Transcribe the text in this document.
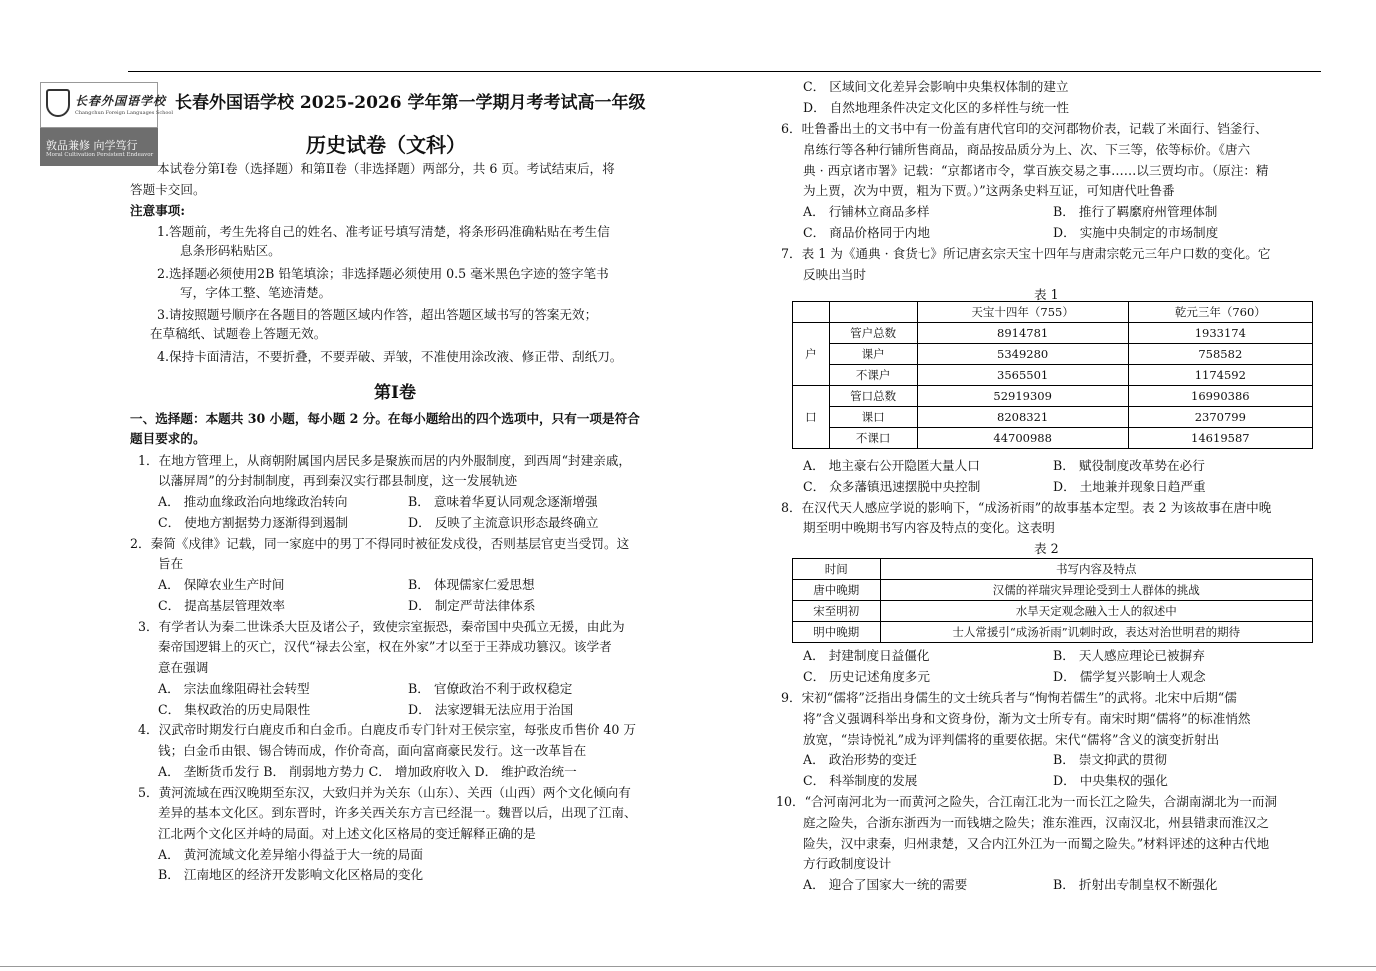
长春外国语学校
Changchun Foreign Languages School
敦品兼修 向学笃行
Moral Cultivation Persistent Endeavor
长春外国语学校 2025-2026 学年第一学期月考考试高一年级
历史试卷（文科）
本试卷分第Ⅰ卷（选择题）和第Ⅱ卷（非选择题）两部分，共 6 页。考试结束后，将
答题卡交回。
注意事项:
1.答题前，考生先将自己的姓名、准考证号填写清楚，将条形码准确粘贴在考生信
息条形码粘贴区。
2.选择题必须使用2B 铅笔填涂；非选择题必须使用 0.5 毫米黑色字迹的签字笔书
写，字体工整、笔迹清楚。
3.请按照题号顺序在各题目的答题区域内作答，超出答题区域书写的答案无效；
在草稿纸、试题卷上答题无效。
4.保持卡面清洁，不要折叠，不要弄破、弄皱，不准使用涂改液、修正带、刮纸刀。
第Ⅰ卷
一、选择题：本题共 30 小题，每小题 2 分。在每小题给出的四个选项中，只有一项是符合
题目要求的。
1．在地方管理上，从商朝附属国内居民多是聚族而居的内外服制度，到西周“封建亲戚，
以藩屏周”的分封制制度，再到秦汉实行郡县制度，这一发展轨迹
A． 推动血缘政治向地缘政治转向	B． 意味着华夏认同观念逐渐增强
C． 使地方割据势力逐渐得到遏制	D． 反映了主流意识形态最终确立
2．秦简《戍律》记载，同一家庭中的男丁不得同时被征发戍役，否则基层官吏当受罚。这
旨在
A． 保障农业生产时间	B． 体现儒家仁爱思想
C． 提高基层管理效率	D． 制定严苛法律体系
3．有学者认为秦二世诛杀大臣及诸公子，致使宗室振恐，秦帝国中央孤立无援，由此为
秦帝国逻辑上的灭亡，汉代“禄去公室，权在外家”才以至于王莽成功篡汉。该学者
意在强调
A． 宗法血缘阻碍社会转型	B． 官僚政治不利于政权稳定
C． 集权政治的历史局限性	D． 法家逻辑无法应用于治国
4．汉武帝时期发行白鹿皮币和白金币。白鹿皮币专门针对王侯宗室，每张皮币售价 40 万
钱；白金币由银、锡合铸而成，作价奇高，面向富商豪民发行。这一改革旨在
A． 垄断货币发行 B． 削弱地方势力 C． 增加政府收入 D． 维护政治统一
5．黄河流域在西汉晚期至东汉，大致归并为关东（山东）、关西（山西）两个文化倾向有
差异的基本文化区。到东晋时，许多关西关东方言已经混一。魏晋以后，出现了江南、
江北两个文化区并峙的局面。对上述文化区格局的变迁解释正确的是
A． 黄河流域文化差异缩小得益于大一统的局面
B． 江南地区的经济开发影响文化区格局的变化
C． 区域间文化差异会影响中央集权体制的建立
D． 自然地理条件决定文化区的多样性与统一性
6．吐鲁番出土的文书中有一份盖有唐代官印的交河郡物价表，记载了米面行、铛釜行、
帛练行等各种行铺所售商品，商品按品质分为上、次、下三等，依等标价。《唐六
典 · 西京诸市署》记载：“京都诸市令，掌百族交易之事……以三贾均市。（原注：精
为上贾，次为中贾，粗为下贾。）”这两条史料互证，可知唐代吐鲁番
A． 行铺林立商品多样	B． 推行了羁縻府州管理体制
C． 商品价格同于内地	D． 实施中央制定的市场制度
7．表 1 为《通典 · 食货七》所记唐玄宗天宝十四年与唐肃宗乾元三年户口数的变化。它
反映出当时
表 1
		天宝十四年（755）	乾元三年（760）
户	管户总数	8914781	1933174
	课户	5349280	758582
	不课户	3565501	1174592
口	管口总数	52919309	16990386
	课口	8208321	2370799
	不课口	44700988	14619587
A． 地主豪右公开隐匿大量人口	B． 赋役制度改革势在必行
C． 众多藩镇迅速摆脱中央控制	D． 土地兼并现象日趋严重
8．在汉代天人感应学说的影响下，“成汤祈雨”的故事基本定型。表 2 为该故事在唐中晚
期至明中晚期书写内容及特点的变化。这表明
表 2
时间	书写内容及特点
唐中晚期	汉儒的祥瑞灾异理论受到士人群体的挑战
宋至明初	水旱天定观念融入士人的叙述中
明中晚期	士人常援引“成汤祈雨”讥刺时政，表达对治世明君的期待
A． 封建制度日益僵化	B． 天人感应理论已被摒弃
C． 历史记述角度多元	D． 儒学复兴影响士人观念
9．宋初“儒将”泛指出身儒生的文士统兵者与“恂恂若儒生”的武将。北宋中后期“儒
将”含义强调科举出身和文资身份，渐为文士所专有。南宋时期“儒将”的标准悄然
放宽，“崇诗悦礼”成为评判儒将的重要依据。宋代“儒将”含义的演变折射出
A． 政治形势的变迁	B． 崇文抑武的贯彻
C． 科举制度的发展	D． 中央集权的强化
10．“合河南河北为一而黄河之险失，合江南江北为一而长江之险失，合湖南湖北为一而洞
庭之险失，合浙东浙西为一而钱塘之险失；淮东淮西，汉南汉北，州县错隶而淮汉之
险失，汉中隶秦，归州隶楚，又合内江外江为一而蜀之险失。”材料评述的这种古代地
方行政制度设计
A． 迎合了国家大一统的需要	B． 折射出专制皇权不断强化
